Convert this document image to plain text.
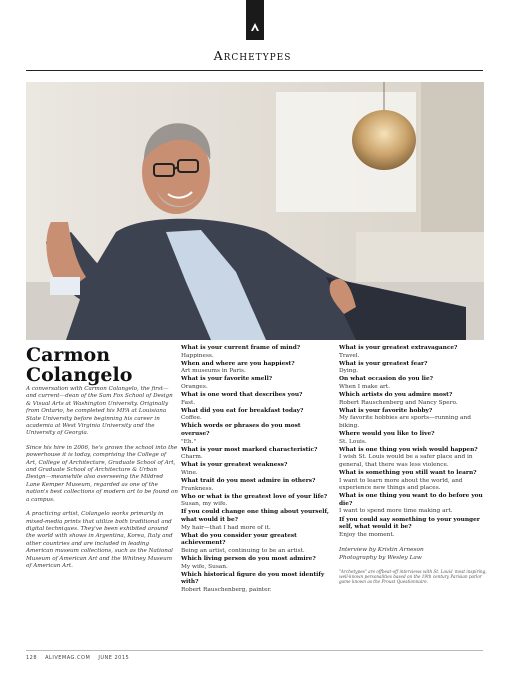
Archetypes
Carmon
Colangelo

A conversation with Carmon Colangelo, the first—and current—dean of the Sam Fox School of Design & Visual Arts at Washington University. Originally from Ontario, he completed his MFA at Louisiana State University before beginning his career in academia at West Virginia University and the University of Georgia.

Since his hire in 2006, he's grown the school into the powerhouse it is today, comprising the College of Art, College of Architecture, Graduate School of Art, and Graduate School of Architecture & Urban Design—meanwhile also overseeing the Mildred Lane Kemper Museum, regarded as one of the nation's best collections of modern art to be found on a campus.

A practicing artist, Colangelo works primarily in mixed-media prints that utilize both traditional and digital techniques. They've been exhibited around the world with shows in Argentina, Korea, Italy and other countries and are included in leading American museum collections, such as the National Museum of American Art and the Whitney Museum of American Art.

What is your current frame of mind?
Happiness.
When and where are you happiest?
Art museums in Paris.
What is your favorite smell?
Oranges.
What is one word that describes you?
Fast.
What did you eat for breakfast today?
Coffee.
Which words or phrases do you most overuse?
"Eh."
What is your most marked characteristic?
Charm.
What is your greatest weakness?
Wine.
What trait do you most admire in others?
Frankness.
Who or what is the greatest love of your life?
Susan, my wife.
If you could change one thing about yourself, what would it be?
My hair—that I had more of it.
What do you consider your greatest achievement?
Being an artist, continuing to be an artist.
Which living person do you most admire?
My wife, Susan.
Which historical figure do you most identify with?
Robert Rauschenberg, painter.
What is your greatest extravagance?
Travel.
What is your greatest fear?
Dying.
On what occasion do you lie?
When I make art.
Which artists do you admire most?
Robert Rauschenberg and Nancy Spero.
What is your favorite hobby?
My favorite hobbies are sports—running and biking.
Where would you like to live?
St. Louis.
What is one thing you wish would happen?
I wish St. Louis would be a safer place and in general, that there was less violence.
What is something you still want to learn?
I want to learn more about the world, and experience new things and places.
What is one thing you want to do before you die?
I want to spend more time making art.
If you could say something to your younger self, what would it be?
Enjoy the moment.
Interview by Kristin Arneson
Photography by Wesley Law
"Archetypes" are offbeat-off interviews with St. Louis' most inspiring, well-known personalities based on the 19th century Parisian parlor game known as the Proust Questionnaire.
128 ALIVEMAG.COM JUNE 2015
